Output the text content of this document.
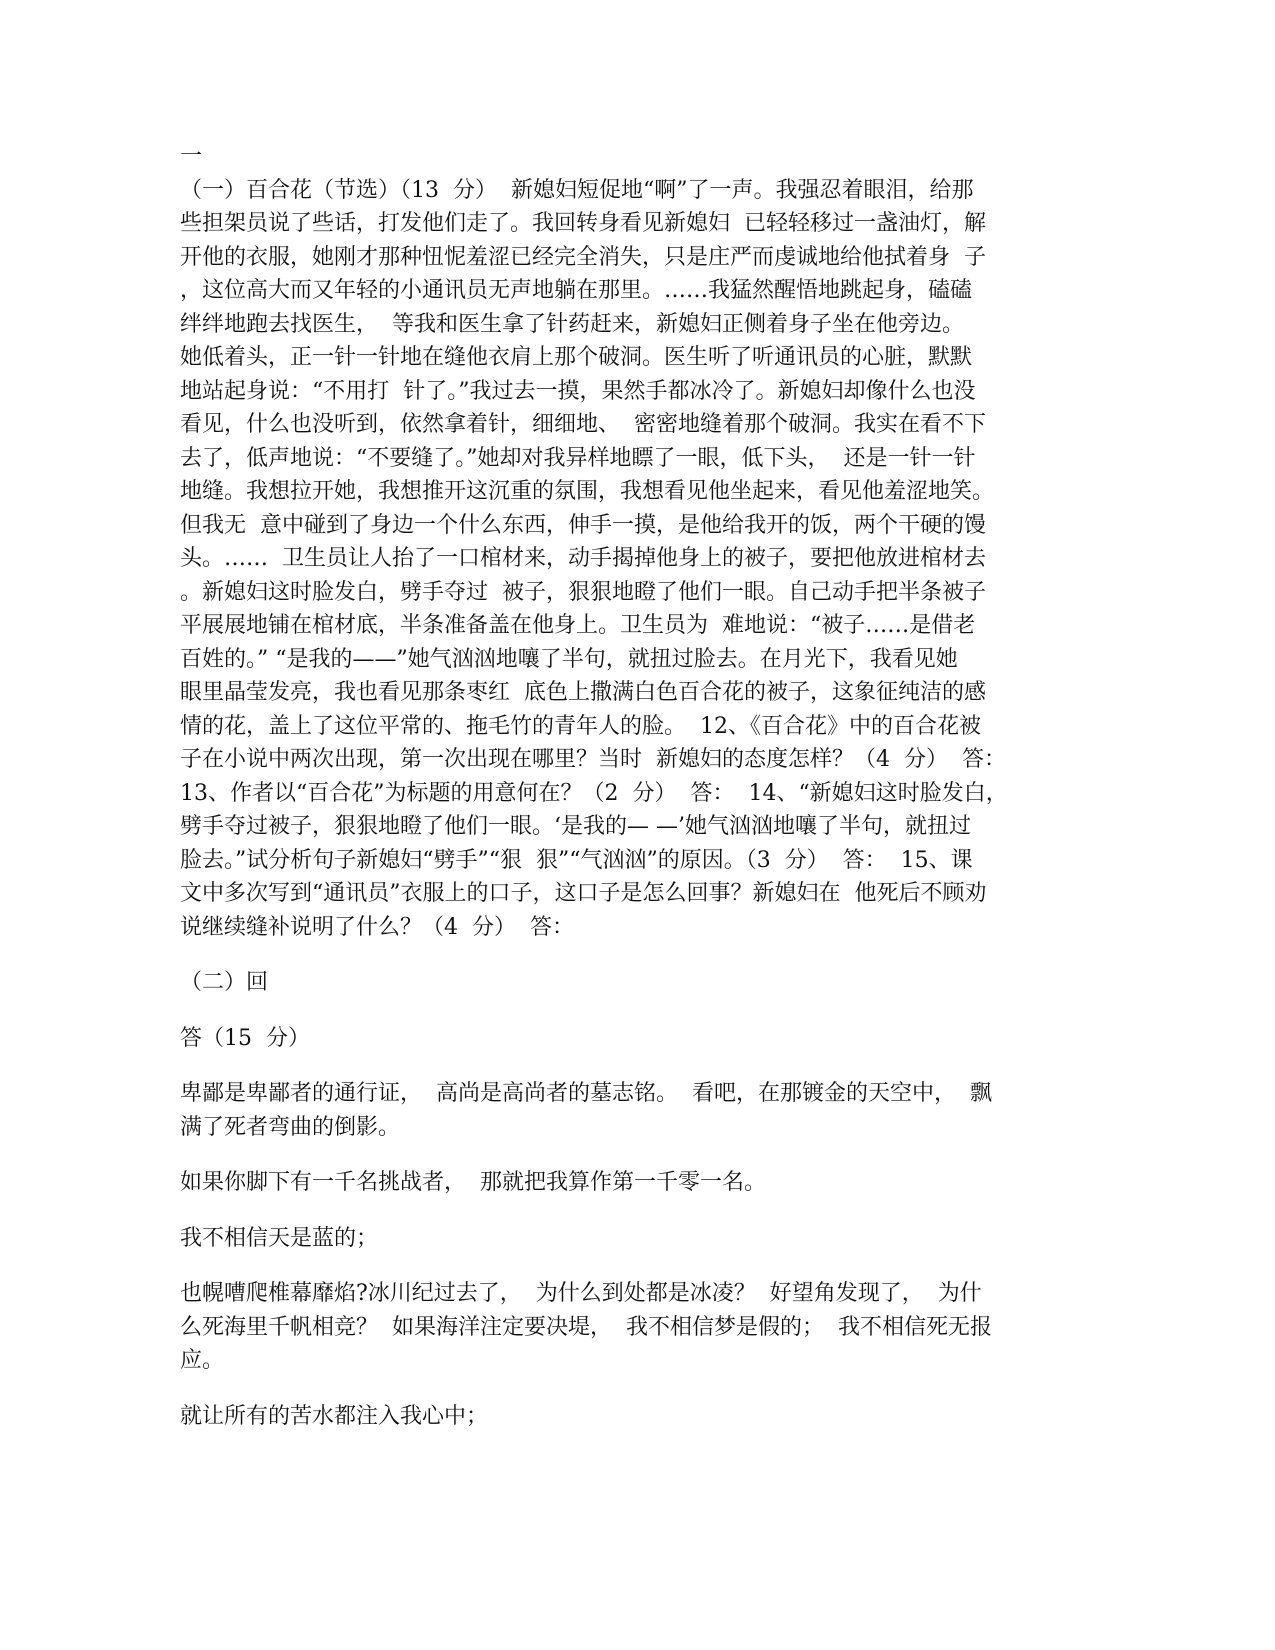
一
（一）百合花（节选）（13  分）  新媳妇短促地“啊”了一声。我强忍着眼泪，给那
些担架员说了些话，打发他们走了。我回转身看见新媳妇  已轻轻移过一盏油灯，解
开他的衣服，她刚才那种忸怩羞涩已经完全消失，只是庄严而虔诚地给他拭着身  子
，这位高大而又年轻的小通讯员无声地躺在那里。……我猛然醒悟地跳起身，磕磕
绊绊地跑去找医生，  等我和医生拿了针药赶来，新媳妇正侧着身子坐在他旁边。
她低着头，正一针一针地在缝他衣肩上那个破洞。医生听了听通讯员的心脏，默默
地站起身说：“不用打  针了。”我过去一摸，果然手都冰冷了。新媳妇却像什么也没
看见，什么也没听到，依然拿着针，细细地、  密密地缝着那个破洞。我实在看不下
去了，低声地说：“不要缝了。”她却对我异样地瞟了一眼，低下头，  还是一针一针
地缝。我想拉开她，我想推开这沉重的氛围，我想看见他坐起来，看见他羞涩地笑。
但我无  意中碰到了身边一个什么东西，伸手一摸，是他给我开的饭，两个干硬的馒
头。……  卫生员让人抬了一口棺材来，动手揭掉他身上的被子，要把他放进棺材去
。新媳妇这时脸发白，劈手夺过  被子，狠狠地瞪了他们一眼。自己动手把半条被子
平展展地铺在棺材底，半条准备盖在他身上。卫生员为  难地说：“被子……是借老
百姓的。” “是我的——”她气汹汹地嚷了半句，就扭过脸去。在月光下，我看见她
眼里晶莹发亮，我也看见那条枣红  底色上撒满白色百合花的被子，这象征纯洁的感
情的花，盖上了这位平常的、拖毛竹的青年人的脸。  12、《百合花》中的百合花被
子在小说中两次出现，第一次出现在哪里？当时  新媳妇的态度怎样？（4  分）  答：
13、作者以“百合花”为标题的用意何在？（2  分）  答：  14、“新媳妇这时脸发白，
劈手夺过被子，狠狠地瞪了他们一眼。‘是我的— —’她气汹汹地嚷了半句，就扭过
脸去。”试分析句子新媳妇“劈手”“狠  狠”“气汹汹”的原因。（3  分）  答：  15、课
文中多次写到“通讯员”衣服上的口子，这口子是怎么回事？新媳妇在  他死后不顾劝
说继续缝补说明了什么？（4  分）  答：
（二）回
答（15  分）
卑鄙是卑鄙者的通行证，  高尚是高尚者的墓志铭。  看吧，在那镀金的天空中，  飘
满了死者弯曲的倒影。
如果你脚下有一千名挑战者，  那就把我算作第一千零一名。
我不相信天是蓝的；
也幌嘈爬椎幕靡焰?冰川纪过去了，  为什么到处都是冰凌？  好望角发现了，  为什
么死海里千帆相竞？  如果海洋注定要决堤，  我不相信梦是假的；  我不相信死无报
应。
就让所有的苦水都注入我心中；
